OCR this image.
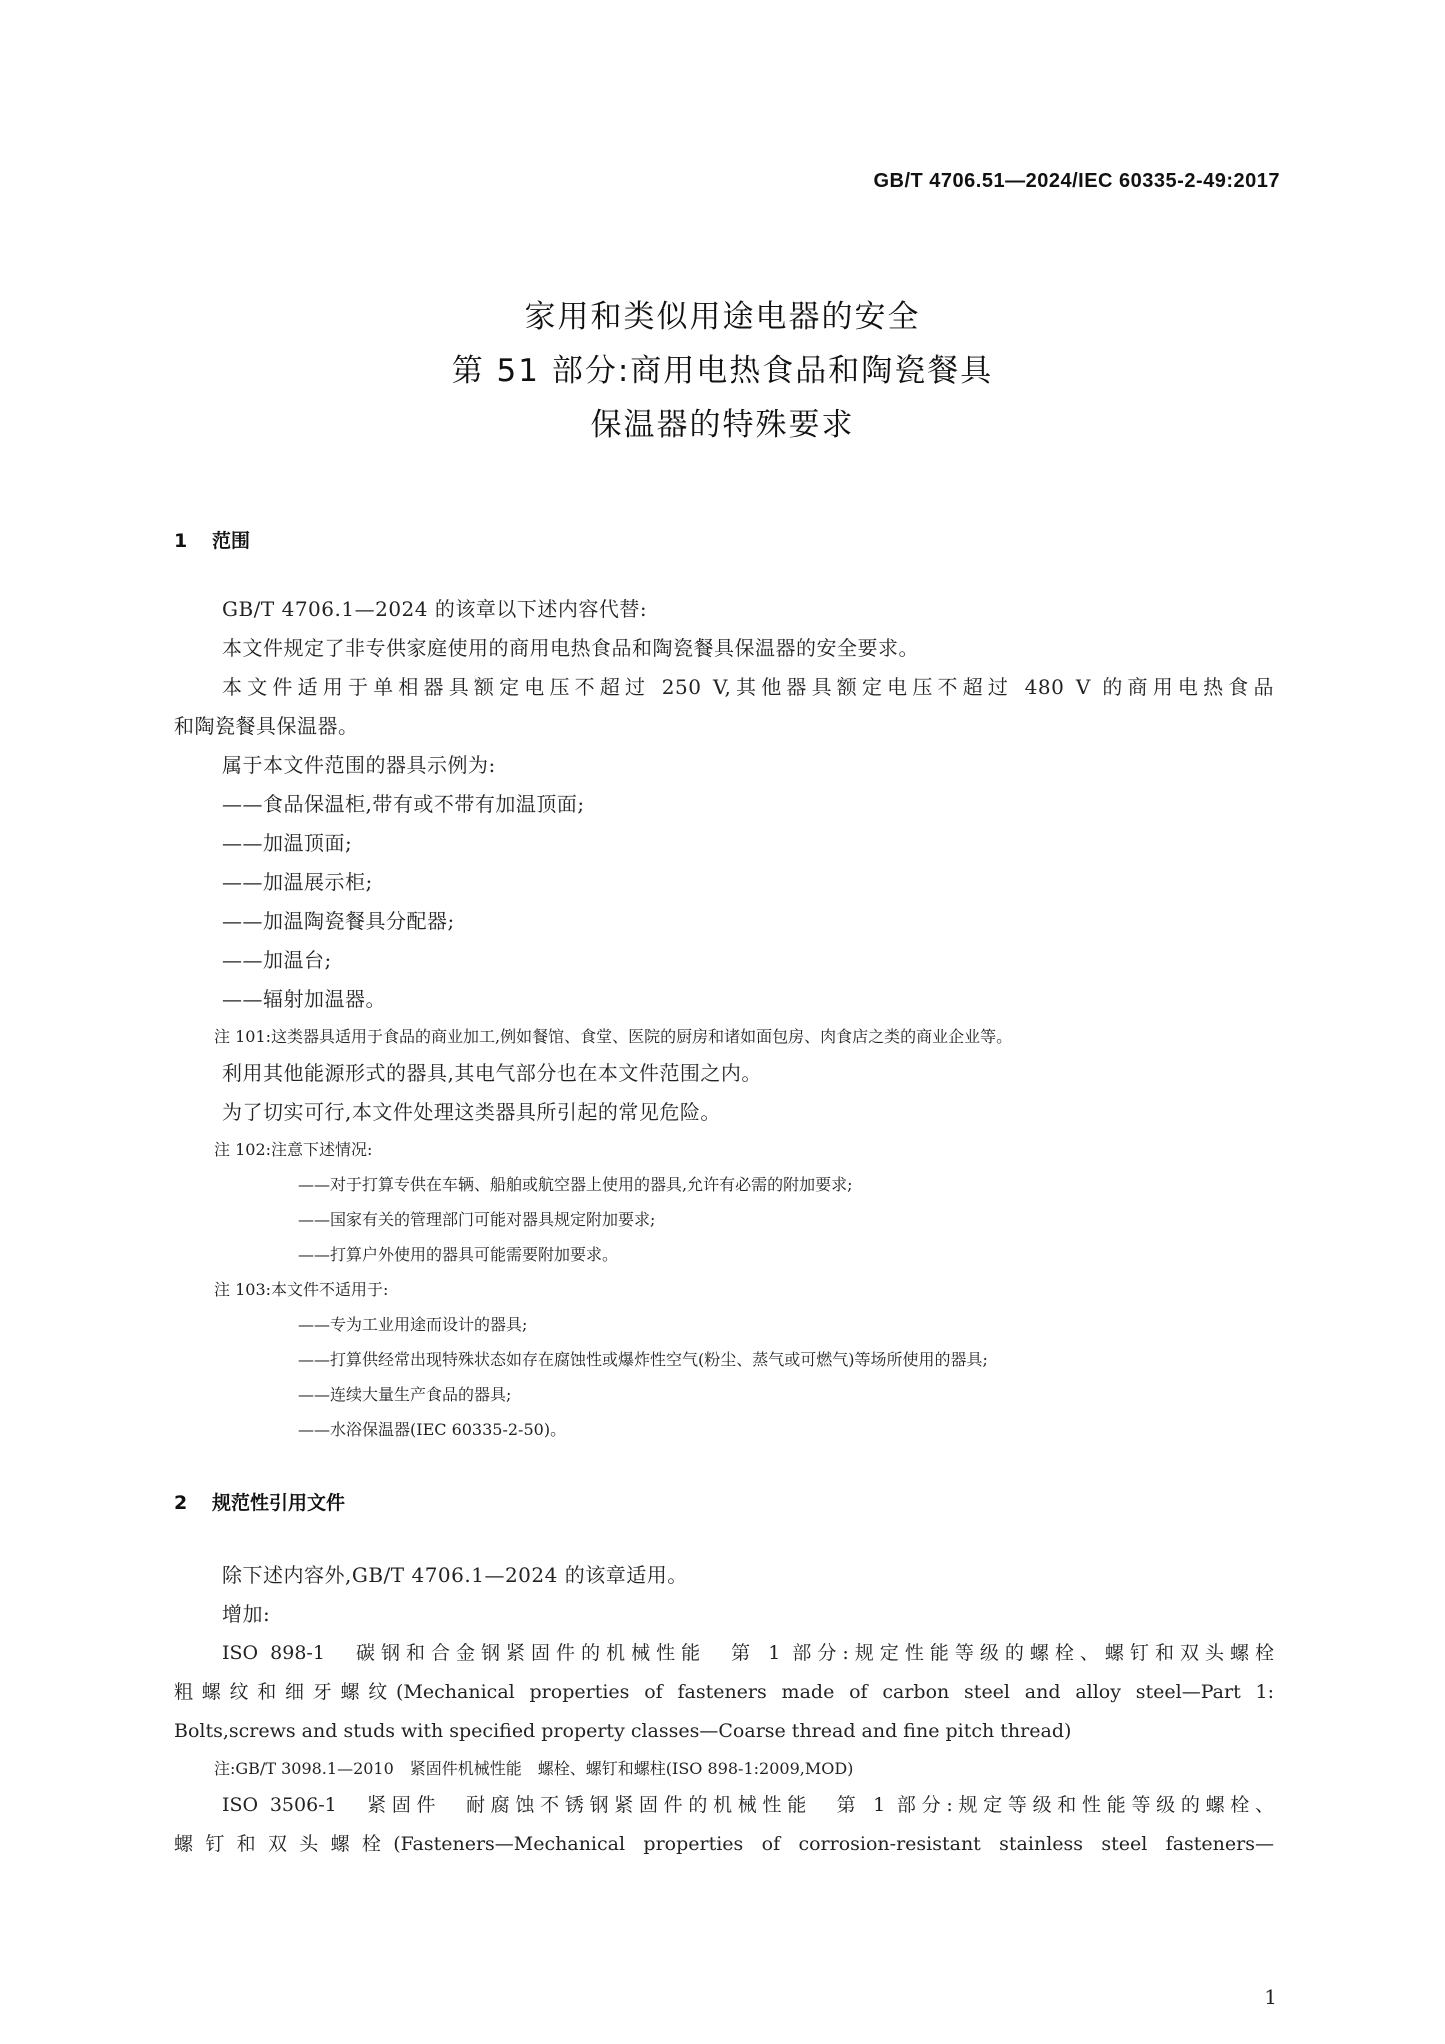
GB/T 4706.51—2024/IEC 60335-2-49:2017
家用和类似用途电器的安全
第 51 部分:商用电热食品和陶瓷餐具
保温器的特殊要求
1 范围

GB/T 4706.1—2024 的该章以下述内容代替:

本文件规定了非专供家庭使用的商用电热食品和陶瓷餐具保温器的安全要求。

本文件适用于单相器具额定电压不超过 250 V,其他器具额定电压不超过 480 V 的商用电热食品

和陶瓷餐具保温器。

属于本文件范围的器具示例为:

——食品保温柜,带有或不带有加温顶面;

——加温顶面;

——加温展示柜;

——加温陶瓷餐具分配器;

——加温台;

——辐射加温器。

注 101:这类器具适用于食品的商业加工,例如餐馆、食堂、医院的厨房和诸如面包房、肉食店之类的商业企业等。

利用其他能源形式的器具,其电气部分也在本文件范围之内。

为了切实可行,本文件处理这类器具所引起的常见危险。

注 102:注意下述情况:

——对于打算专供在车辆、船舶或航空器上使用的器具,允许有必需的附加要求;

——国家有关的管理部门可能对器具规定附加要求;

——打算户外使用的器具可能需要附加要求。

注 103:本文件不适用于:

——专为工业用途而设计的器具;

——打算供经常出现特殊状态如存在腐蚀性或爆炸性空气(粉尘、蒸气或可燃气)等场所使用的器具;

——连续大量生产食品的器具;

——水浴保温器(IEC 60335-2-50)。

2 规范性引用文件

除下述内容外,GB/T 4706.1—2024 的该章适用。

增加:

ISO 898-1　碳钢和合金钢紧固件的机械性能　第 1 部分:规定性能等级的螺栓、螺钉和双头螺栓

粗螺纹和细牙螺纹(Mechanical properties of fasteners made of carbon steel and alloy steel—Part 1:

Bolts,screws and studs with specified property classes—Coarse thread and fine pitch thread)

注:GB/T 3098.1—2010　紧固件机械性能　螺栓、螺钉和螺柱(ISO 898-1:2009,MOD)

ISO 3506-1　紧固件　耐腐蚀不锈钢紧固件的机械性能　第 1 部分:规定等级和性能等级的螺栓、

螺钉和双头螺栓(Fasteners—Mechanical properties of corrosion-resistant stainless steel fasteners—

1
